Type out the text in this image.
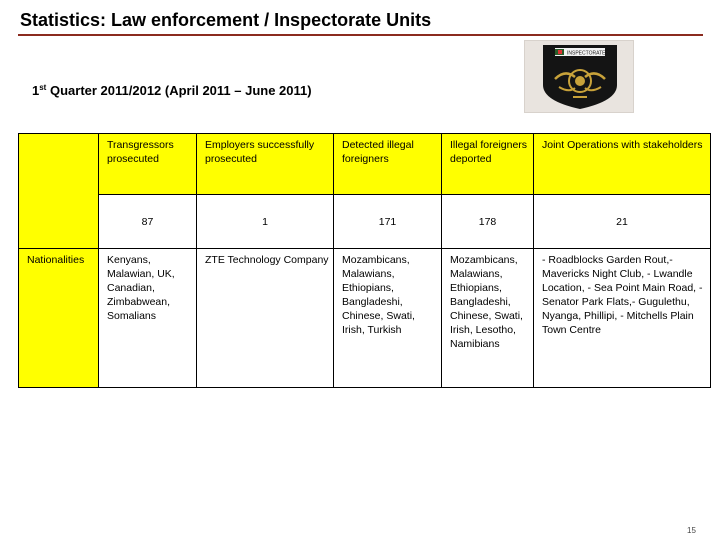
Statistics: Law enforcement / Inspectorate Units
1st Quarter 2011/2012 (April 2011 – June 2011)
INSPECTORATE
	Transgressors prosecuted	Employers successfully prosecuted	Detected illegal foreigners	Illegal foreigners deported	Joint Operations with stakeholders
	87	1	171	178	21
Nationalities	Kenyans, Malawian, UK, Canadian, Zimbabwean, Somalians	ZTE Technology Company	Mozambicans, Malawians, Ethiopians, Bangladeshi, Chinese, Swati, Irish, Turkish	Mozambicans, Malawians, Ethiopians, Bangladeshi, Chinese, Swati, Irish, Lesotho, Namibians	- Roadblocks Garden Rout,- Mavericks Night Club, - Lwandle Location, - Sea Point Main Road, - Senator Park Flats,- Gugulethu, Nyanga, Phillipi, - Mitchells Plain Town Centre
15
